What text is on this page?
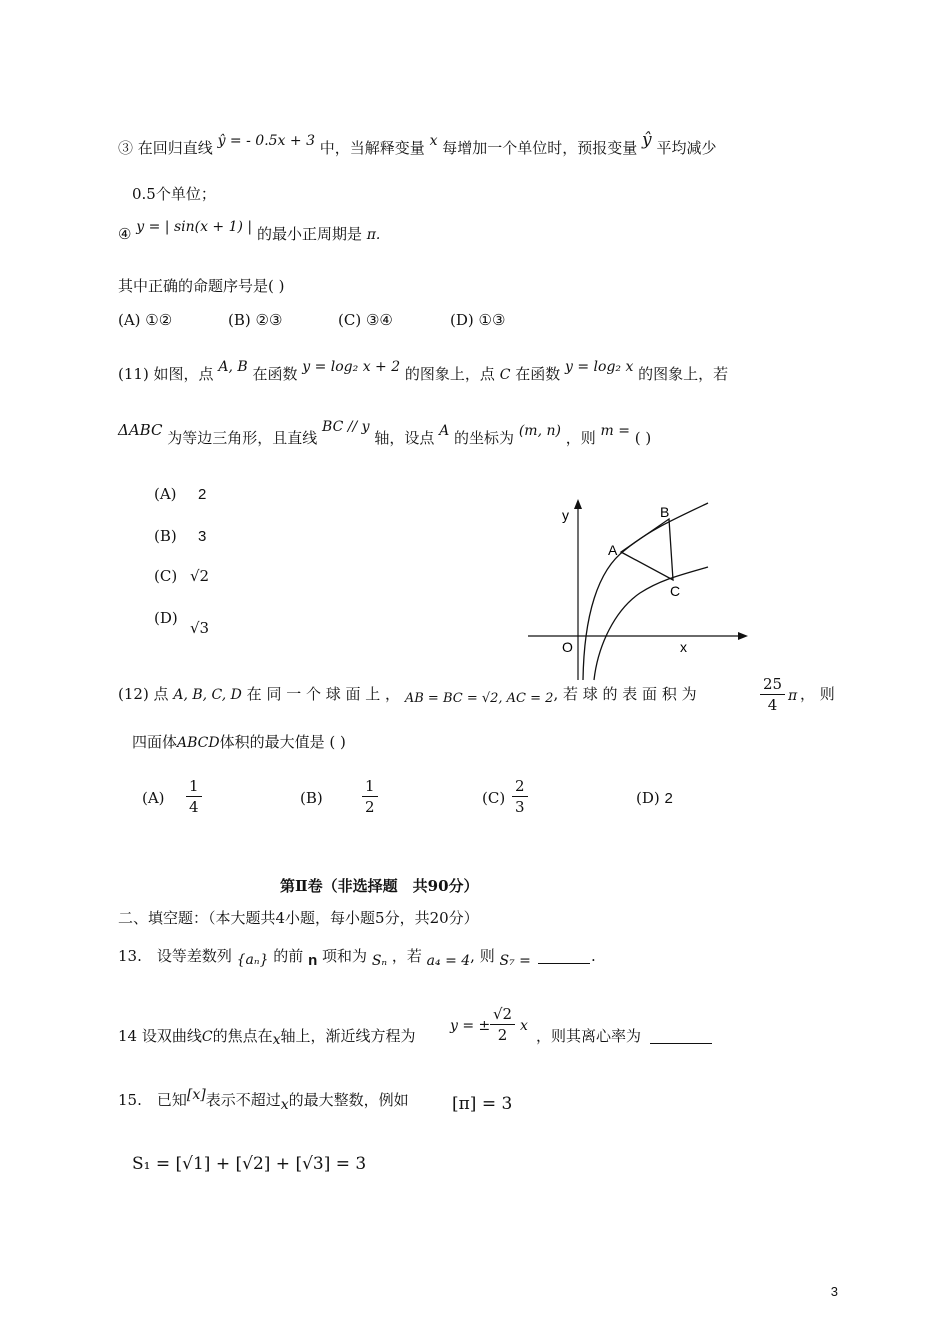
③ 在回归直线 ŷ = - 0.5x + 3 中，当解释变量 x 每增加一个单位时，预报变量 ŷ 平均减少
0.5个单位；
④ y = | sin(x + 1) | 的最小正周期是 π.
其中正确的命题序号是( )
(A) ①②	(B) ②③	(C) ③④	(D) ①③
(11) 如图，点 A, B 在函数 y = log₂ x + 2 的图象上，点 C 在函数 y = log₂ x 的图象上，若
ΔABC 为等边三角形，且直线 BC // y 轴，设点 A 的坐标为 (m, n) ，则 m = ( )
(A) 2
(B) 3
(C) √2
(D)√3
y
x
O
A
B
C
(12) 点 A, B, C, D 在 同 一 个 球 面 上 ， AB = BC = √2, AC = 2, 若 球 的 表 面 积 为	$\frac{25}{4}$ π ， 则
四面体ABCD体积的最大值是 ( )
$(A) \frac{1}{4}$	(B)	$\frac{1}{2}$	$(C) \frac{2}{3}$	(D) 2
第Ⅱ卷（非选择题　共90分）
二、填空题：（本大题共4小题，每小题5分，共20分）
13.　设等差数列 {aₙ} 的前 n 项和为 Sₙ ，若 a₄ = 4, 则 S₇ =	.
14 设双曲线C的焦点在x轴上，渐近线方程为
y = ± $\frac{√2}{2}$ x
，则其离心率为
15.　已知[x]表示不超过x的最大整数，例如	[π] = 3
S₁ = [√1] + [√2] + [√3] = 3
3
